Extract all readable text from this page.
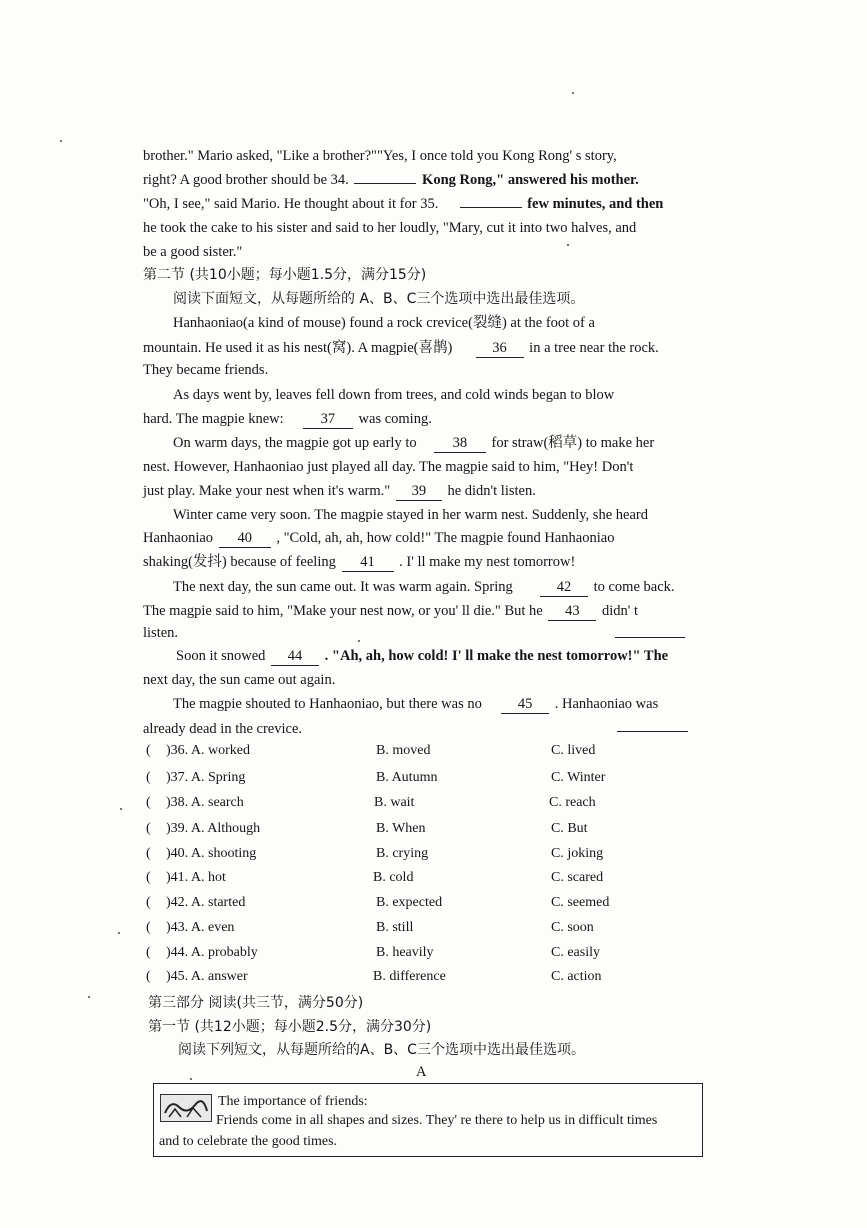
brother." Mario asked, "Like a brother?""Yes, I once told you Kong Rong' s story,
right? A good brother should be 34.	Kong Rong," answered his mother.
"Oh, I see," said Mario. He thought about it for 35.	few minutes, and then
he took the cake to his sister and said to her loudly, "Mary, cut it into two halves, and
be a good sister."
第二节 (共10小题；每小题1.5分，满分15分)
阅读下面短文，从每题所给的 A、B、C三个选项中选出最佳选项。
Hanhaoniao(a kind of mouse) found a rock crevice(裂缝) at the foot of a
mountain. He used it as his nest(窝). A magpie(喜鹊)	36 in a tree near the rock.
They became friends.
As days went by, leaves fell down from trees, and cold winds began to blow
hard. The magpie knew:	37 was coming.
On warm days, the magpie got up early to 38 for straw(稻草) to make her
nest. However, Hanhaoniao just played all day. The magpie said to him, "Hey! Don't
just play. Make your nest when it's warm." 39 he didn't listen.
Winter came very soon. The magpie stayed in her warm nest. Suddenly, she heard
Hanhaoniao 40 , "Cold, ah, ah, how cold!" The magpie found Hanhaoniao
shaking(发抖) because of feeling 41 . I' ll make my nest tomorrow!
The next day, the sun came out. It was warm again. Spring	42 to come back.
The magpie said to him, "Make your nest now, or you' ll die." But he 43 didn' t
listen.
Soon it snowed 44 . "Ah, ah, how cold! I' ll make the nest tomorrow!" The
next day, the sun came out again.
The magpie shouted to Hanhaoniao, but there was no 45 . Hanhaoniao was
already dead in the crevice.
( )36. A. worked	B. moved	C. lived
( )37. A. Spring	B. Autumn	C. Winter
( )38. A. search	B. wait	C. reach
( )39. A. Although	B. When	C. But
( )40. A. shooting	B. crying	C. joking
( )41. A. hot	B. cold	C. scared
( )42. A. started	B. expected	C. seemed
( )43. A. even	B. still	C. soon
( )44. A. probably	B. heavily	C. easily
( )45. A. answer	B. difference	C. action
第三部分 阅读(共三节，满分50分)
第一节 (共12小题；每小题2.5分，满分30分)
阅读下列短文，从每题所给的A、B、C三个选项中选出最佳选项。
A
The importance of friends:
Friends come in all shapes and sizes. They' re there to help us in difficult times
and to celebrate the good times.
